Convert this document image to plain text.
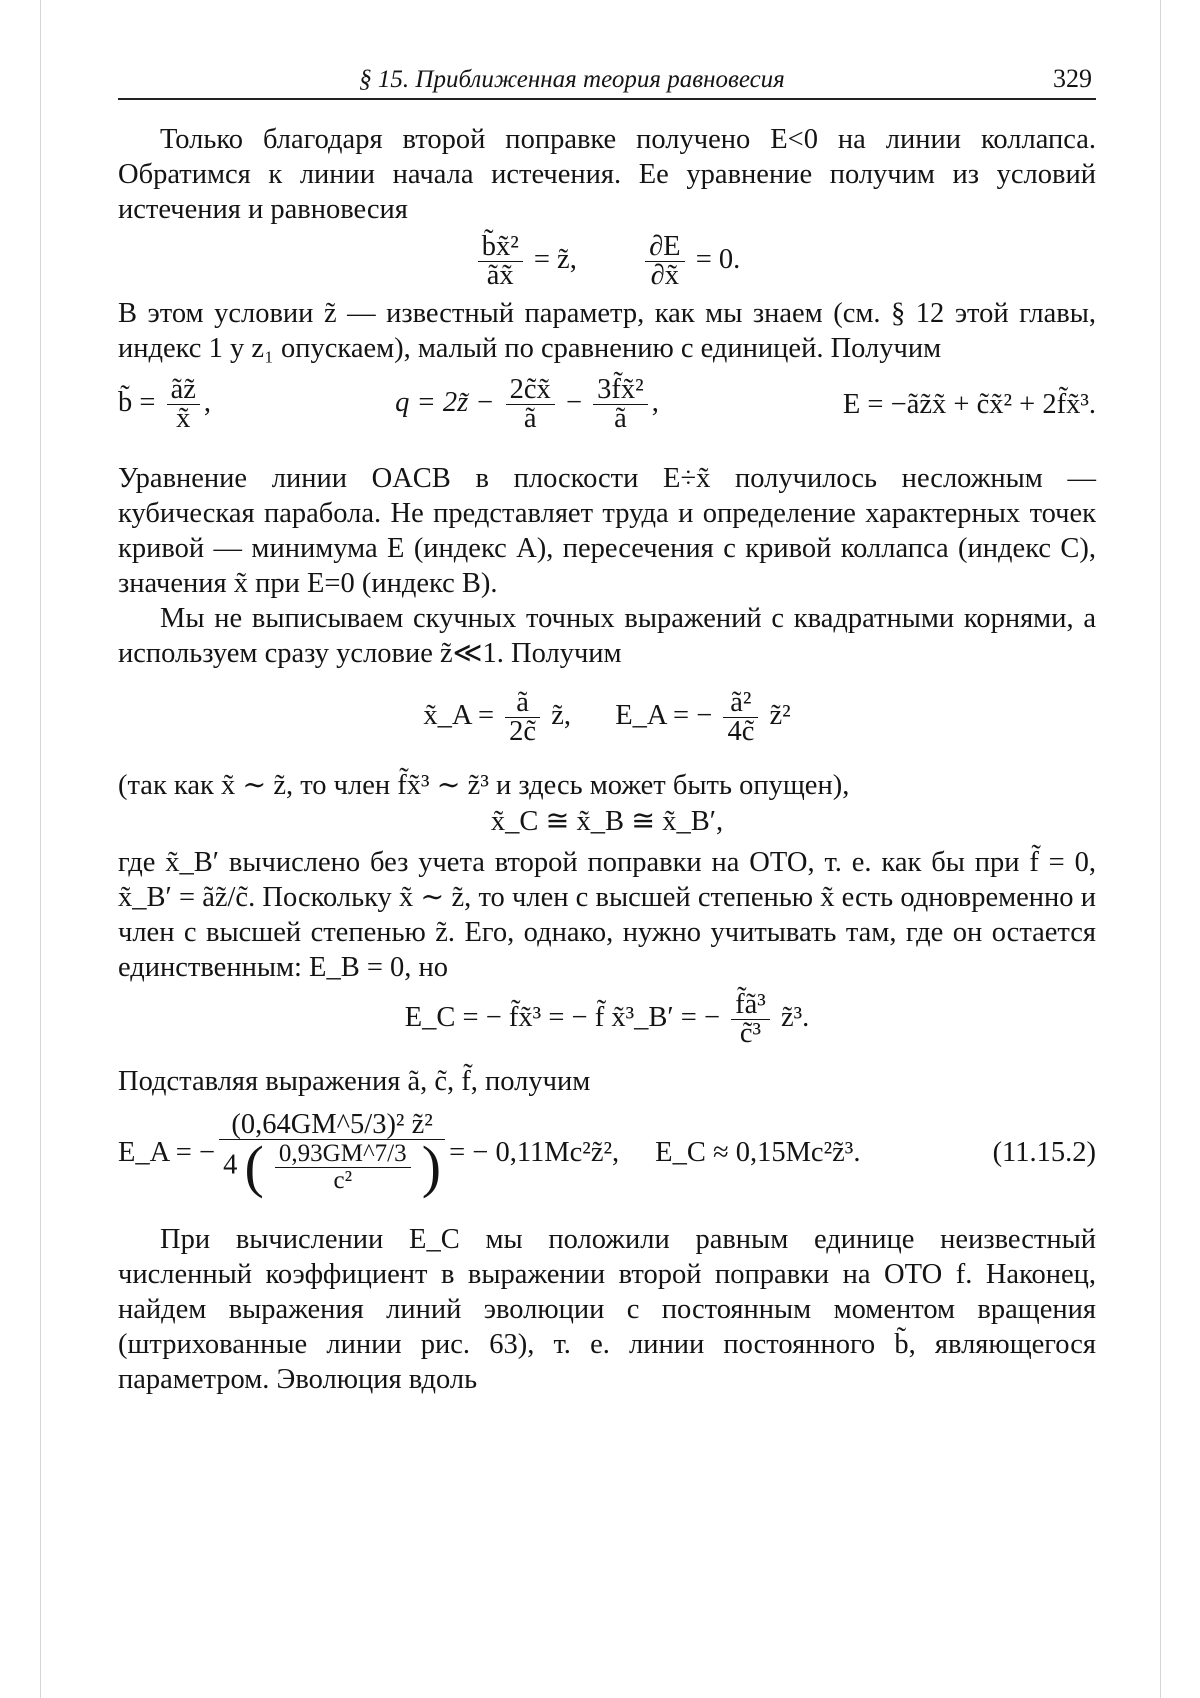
§ 15. Приближенная теория равновесия	329

Только благодаря второй поправке получено E<0 на линии коллапса. Обратимся к линии начала истечения. Ее уравнение получим из условий истечения и равновесия

$\frac{\text{b̃x̃²}}{ãx̃}$ = z̃, $\frac{\partial E}{\partial x̃} = 0$.

В этом условии z̃ — известный параметр, как мы знаем (см. § 12 этой главы, индекс 1 у z₁ опускаем), малый по сравнению с единицей. Получим

b̃ = $\frac{ãz̃}{x̃}$ ,	q = 2z̃ − $\frac{2c̃x̃}{ã} - \frac{\text{3f̃x̃²}}{ã}$ ,	E = −ãz̃x̃ + c̃x̃² + 2f̃x̃³.

Уравнение линии OACB в плоскости E÷x̃ получилось несложным — кубическая парабола. Не представляет труда и определение характерных точек кривой — минимума E (индекс A), пересечения с кривой коллапса (индекс C), значения x̃ при E=0 (индекс B).

Мы не выписываем скучных точных выражений с квадратными корнями, а используем сразу условие z̃≪1. Получим

x̃_A = $\frac{ã}{2c̃}$ z̃, E_A = − $\frac{\text{ã²}}{4c̃}$ z̃²

(так как x̃ ∼ z̃, то член f̃x̃³ ∼ z̃³ и здесь может быть опущен),

x̃_C ≅ x̃_B ≅ x̃_B′,

где x̃_B′ вычислено без учета второй поправки на ОТО, т. е. как бы при f̃ = 0, x̃_B′ = ãz̃/c̃. Поскольку x̃ ∼ z̃, то член с высшей степенью x̃ есть одновременно и член с высшей степенью z̃. Его, однако, нужно учитывать там, где он остается единственным: E_B = 0, но

E_C = − f̃x̃³ = − f̃ x̃³_B′ = − $\frac{\text{f̃ã³}}{\text{c̃³}}$ z̃³.

Подставляя выражения ã, c̃, f̃, получим

E_A = −
(0,64GM^5/3)² z̃²
4 ( $\frac{0,93GM\^{}7/3}{\text{c²}}$ ) = − 0,11Mc²z̃², E_C ≈ 0,15Mc²z̃³.	(11.15.2)

При вычислении E_C мы положили равным единице неизвестный численный коэффициент в выражении второй поправки на ОТО f. Наконец, найдем выражения линий эволюции с постоянным моментом вращения (штрихованные линии рис. 63), т. е. линии постоянного b̃, являющегося параметром. Эволюция вдоль
